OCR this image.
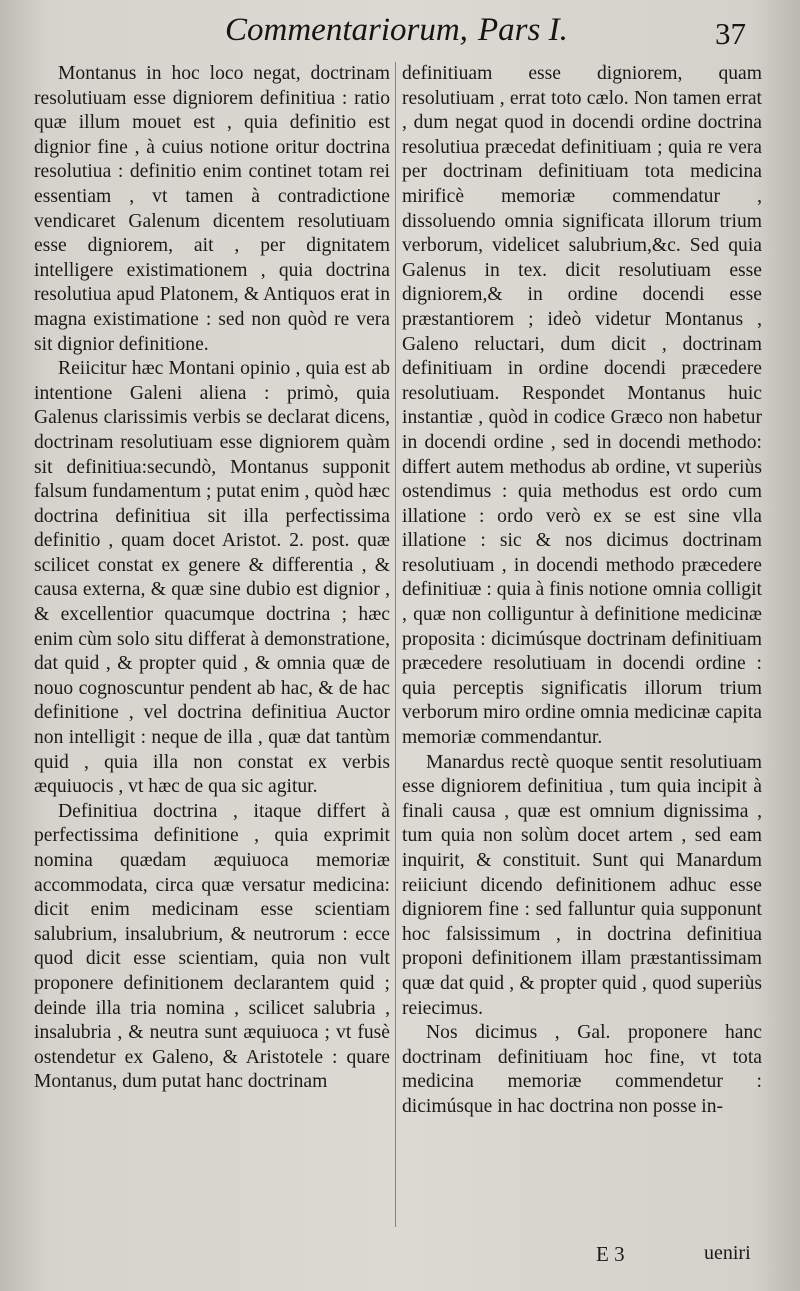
Commentariorum, Pars I.	37

Montanus in hoc loco negat, doctrinam resolutiuam esse digniorem definitiua : ratio quæ illum mouet est , quia definitio est dignior fine , à cuius notione oritur doctrina resolutiua : definitio enim continet totam rei essentiam , vt tamen à contradictione vendicaret Galenum dicentem resolutiuam esse digniorem, ait , per dignitatem intelligere existimationem , quia doctrina resolutiua apud Platonem, & Antiquos erat in magna existimatione : sed non quòd re vera sit dignior definitione.

Reiicitur hæc Montani opinio , quia est ab intentione Galeni aliena : primò, quia Galenus clarissimis verbis se declarat dicens, doctrinam resolutiuam esse digniorem quàm sit definitiua:secundò, Montanus supponit falsum fundamentum ; putat enim , quòd hæc doctrina definitiua sit illa perfectissima definitio , quam docet Aristot. 2. post. quæ scilicet constat ex genere & differentia , & causa externa, & quæ sine dubio est dignior , & excellentior quacumque doctrina ; hæc enim cùm solo situ differat à demonstratione, dat quid , & propter quid , & omnia quæ de nouo cognoscuntur pendent ab hac, & de hac definitione , vel doctrina definitiua Auctor non intelligit : neque de illa , quæ dat tantùm quid , quia illa non constat ex verbis æquiuocis , vt hæc de qua sic agitur.

Definitiua doctrina , itaque differt à perfectissima definitione , quia exprimit nomina quædam æquiuoca memoriæ accommodata, circa quæ versatur medicina: dicit enim medicinam esse scientiam salubrium, insalubrium, & neutrorum : ecce quod dicit esse scientiam, quia non vult proponere definitionem declarantem quid ; deinde illa tria nomina , scilicet salubria , insalubria , & neutra sunt æquiuoca ; vt fusè ostendetur ex Galeno, & Aristotele : quare Montanus, dum putat hanc doctrinam

definitiuam esse digniorem, quam resolutiuam , errat toto cælo. Non tamen errat , dum negat quod in docendi ordine doctrina resolutiua præcedat definitiuam ; quia re vera per doctrinam definitiuam tota medicina mirificè memoriæ commendatur , dissoluendo omnia significata illorum trium verborum, videlicet salubrium,&c. Sed quia Galenus in tex. dicit resolutiuam esse digniorem,& in ordine docendi esse præstantiorem ; ideò videtur Montanus , Galeno reluctari, dum dicit , doctrinam definitiuam in ordine docendi præcedere resolutiuam. Respondet Montanus huic instantiæ , quòd in codice Græco non habetur in docendi ordine , sed in docendi methodo: differt autem methodus ab ordine, vt superiùs ostendimus : quia methodus est ordo cum illatione : ordo verò ex se est sine vlla illatione : sic & nos dicimus doctrinam resolutiuam , in docendi methodo præcedere definitiuæ : quia à finis notione omnia colligit , quæ non colliguntur à definitione medicinæ proposita : dicimúsque doctrinam definitiuam præcedere resolutiuam in docendi ordine : quia perceptis significatis illorum trium verborum miro ordine omnia medicinæ capita memoriæ commendantur.

Manardus rectè quoque sentit resolutiuam esse digniorem definitiua , tum quia incipit à finali causa , quæ est omnium dignissima , tum quia non solùm docet artem , sed eam inquirit, & constituit. Sunt qui Manardum reiiciunt dicendo definitionem adhuc esse digniorem fine : sed falluntur quia supponunt hoc falsissimum , in doctrina definitiua proponi definitionem illam præstantissimam quæ dat quid , & propter quid , quod superiùs reiecimus.

Nos dicimus , Gal. proponere hanc doctrinam definitiuam hoc fine, vt tota medicina memoriæ commendetur : dicimúsque in hac doctrina non posse in-

E 3	ueniri
